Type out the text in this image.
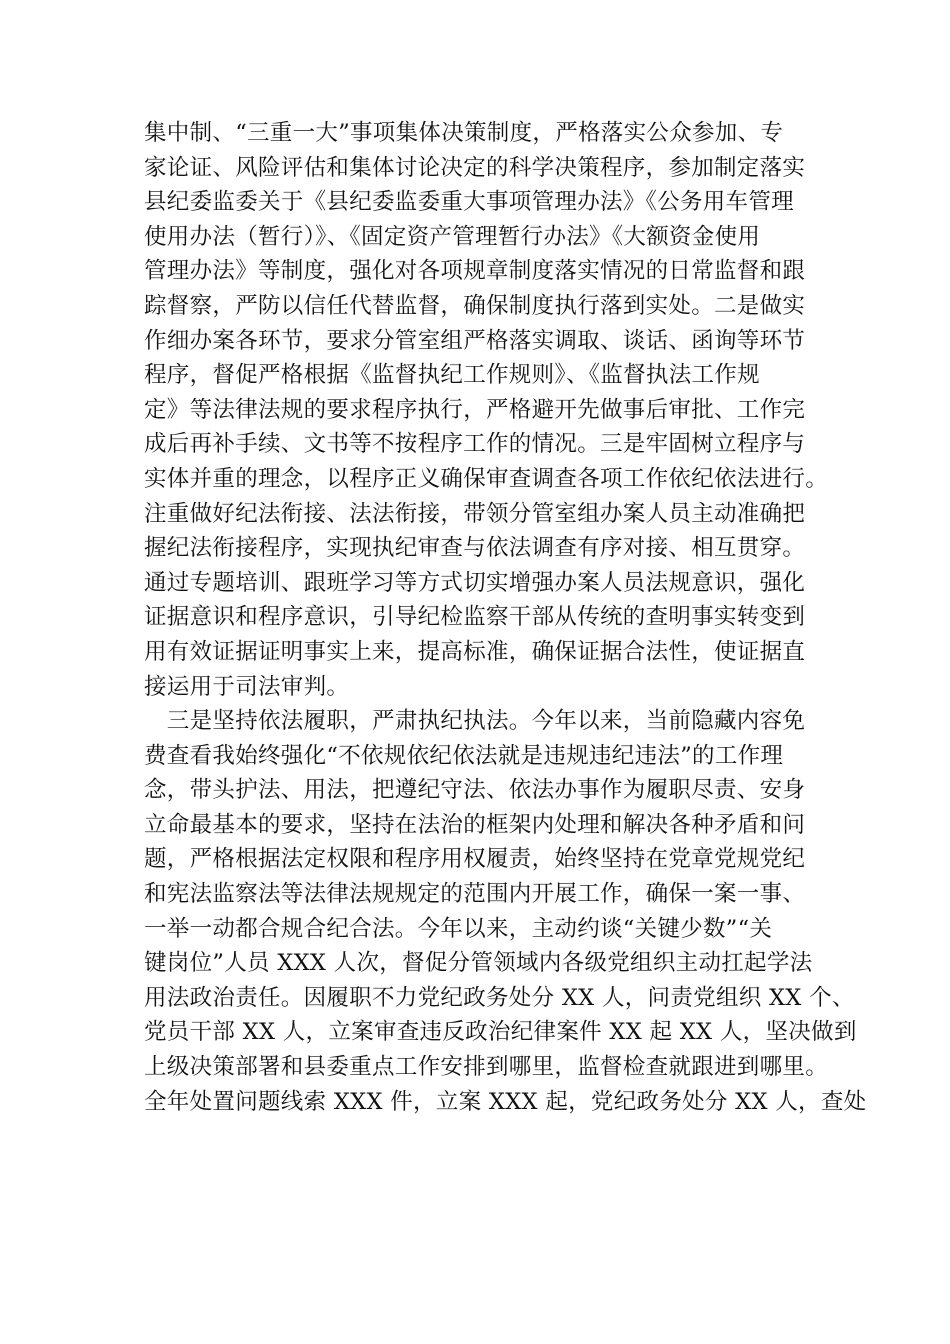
集中制、“三重一大”事项集体决策制度，严格落实公众参加、专
家论证、风险评估和集体讨论决定的科学决策程序，参加制定落实
县纪委监委关于《县纪委监委重大事项管理办法》《公务用车管理
使用办法（暂行）》、《固定资产管理暂行办法》《大额资金使用
管理办法》等制度，强化对各项规章制度落实情况的日常监督和跟
踪督察，严防以信任代替监督，确保制度执行落到实处。二是做实
作细办案各环节，要求分管室组严格落实调取、谈话、函询等环节
程序，督促严格根据《监督执纪工作规则》、《监督执法工作规
定》等法律法规的要求程序执行，严格避开先做事后审批、工作完
成后再补手续、文书等不按程序工作的情况。三是牢固树立程序与
实体并重的理念，以程序正义确保审查调查各项工作依纪依法进行。
注重做好纪法衔接、法法衔接，带领分管室组办案人员主动准确把
握纪法衔接程序，实现执纪审查与依法调查有序对接、相互贯穿。
通过专题培训、跟班学习等方式切实增强办案人员法规意识，强化
证据意识和程序意识，引导纪检监察干部从传统的查明事实转变到
用有效证据证明事实上来，提高标准，确保证据合法性，使证据直
接运用于司法审判。
　三是坚持依法履职，严肃执纪执法。今年以来，当前隐藏内容免
费查看我始终强化“不依规依纪依法就是违规违纪违法”的工作理
念，带头护法、用法，把遵纪守法、依法办事作为履职尽责、安身
立命最基本的要求，坚持在法治的框架内处理和解决各种矛盾和问
题，严格根据法定权限和程序用权履责，始终坚持在党章党规党纪
和宪法监察法等法律法规规定的范围内开展工作，确保一案一事、
一举一动都合规合纪合法。今年以来，主动约谈“关键少数”“关
键岗位”人员 XXX 人次，督促分管领域内各级党组织主动扛起学法
用法政治责任。因履职不力党纪政务处分 XX 人，问责党组织 XX 个、
党员干部 XX 人，立案审查违反政治纪律案件 XX 起 XX 人，坚决做到
上级决策部署和县委重点工作安排到哪里，监督检查就跟进到哪里。
全年处置问题线索 XXX 件，立案 XXX 起，党纪政务处分 XX 人，查处
